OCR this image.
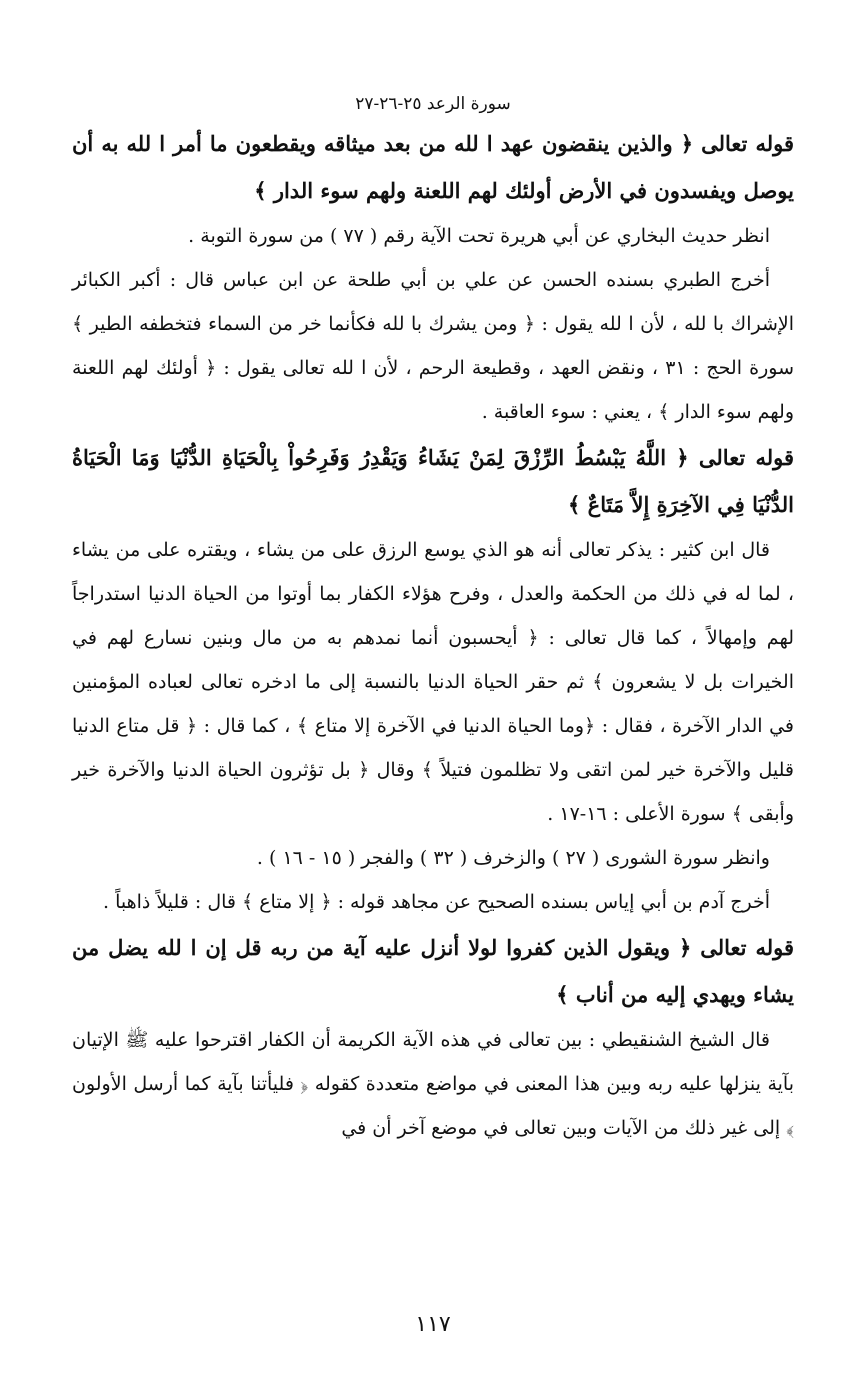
سورة الرعد ٢٥-٢٦-٢٧

قوله تعالى ﴿ والذين ينقضون عهد ا لله من بعد ميثاقه ويقطعون ما أمر ا لله به أن يوصل ويفسدون في الأرض أولئك لهم اللعنة ولهم سوء الدار ﴾

انظر حديث البخاري عن أبي هريرة تحت الآية رقم ( ٧٧ ) من سورة التوبة .

أخرج الطبري بسنده الحسن عن علي بن أبي طلحة عن ابن عباس قال : أكبر الكبائر الإشراك با لله ، لأن ا لله يقول : ﴿ ومن يشرك با لله فكأنما خر من السماء فتخطفه الطير ﴾ سورة الحج : ٣١ ، ونقض العهد ، وقطيعة الرحم ، لأن ا لله تعالى يقول : ﴿ أولئك لهم اللعنة ولهم سوء الدار ﴾ ، يعني : سوء العاقبة .

قوله تعالى ﴿ اللَّهُ يَبْسُطُ الرِّزْقَ لِمَنْ يَشَاءُ وَيَقْدِرُ وَفَرِحُواْ بِالْحَيَاةِ الدُّنْيَا وَمَا الْحَيَاةُ الدُّنْيَا فِي الآخِرَةِ إِلاَّ مَتَاعٌ ﴾

قال ابن كثير : يذكر تعالى أنه هو الذي يوسع الرزق على من يشاء ، ويقتره على من يشاء ، لما له في ذلك من الحكمة والعدل ، وفرح هؤلاء الكفار بما أوتوا من الحياة الدنيا استدراجاً لهم وإمهالاً ، كما قال تعالى : ﴿ أيحسبون أنما نمدهم به من مال وبنين نسارع لهم في الخيرات بل لا يشعرون ﴾ ثم حقر الحياة الدنيا بالنسبة إلى ما ادخره تعالى لعباده المؤمنين في الدار الآخرة ، فقال : ﴿وما الحياة الدنيا في الآخرة إلا متاع ﴾ ، كما قال : ﴿ قل متاع الدنيا قليل والآخرة خير لمن اتقى ولا تظلمون فتيلاً ﴾ وقال ﴿ بل تؤثرون الحياة الدنيا والآخرة خير وأبقى ﴾ سورة الأعلى : ١٦-١٧ .

وانظر سورة الشورى ( ٢٧ ) والزخرف ( ٣٢ ) والفجر ( ١٥ - ١٦ ) .

أخرج آدم بن أبي إياس بسنده الصحيح عن مجاهد قوله : ﴿ إلا متاع ﴾ قال : قليلاً ذاهباً .

قوله تعالى ﴿ ويقول الذين كفروا لولا أنزل عليه آية من ربه قل إن ا لله يضل من يشاء ويهدي إليه من أناب ﴾

قال الشيخ الشنقيطي : بين تعالى في هذه الآية الكريمة أن الكفار اقترحوا عليه ﷺ الإتيان بآية ينزلها عليه ربه وبين هذا المعنى في مواضع متعددة كقوله ﴿ فليأتنا بآية كما أرسل الأولون ﴾ إلى غير ذلك من الآيات وبين تعالى في موضع آخر أن في

١١٧
